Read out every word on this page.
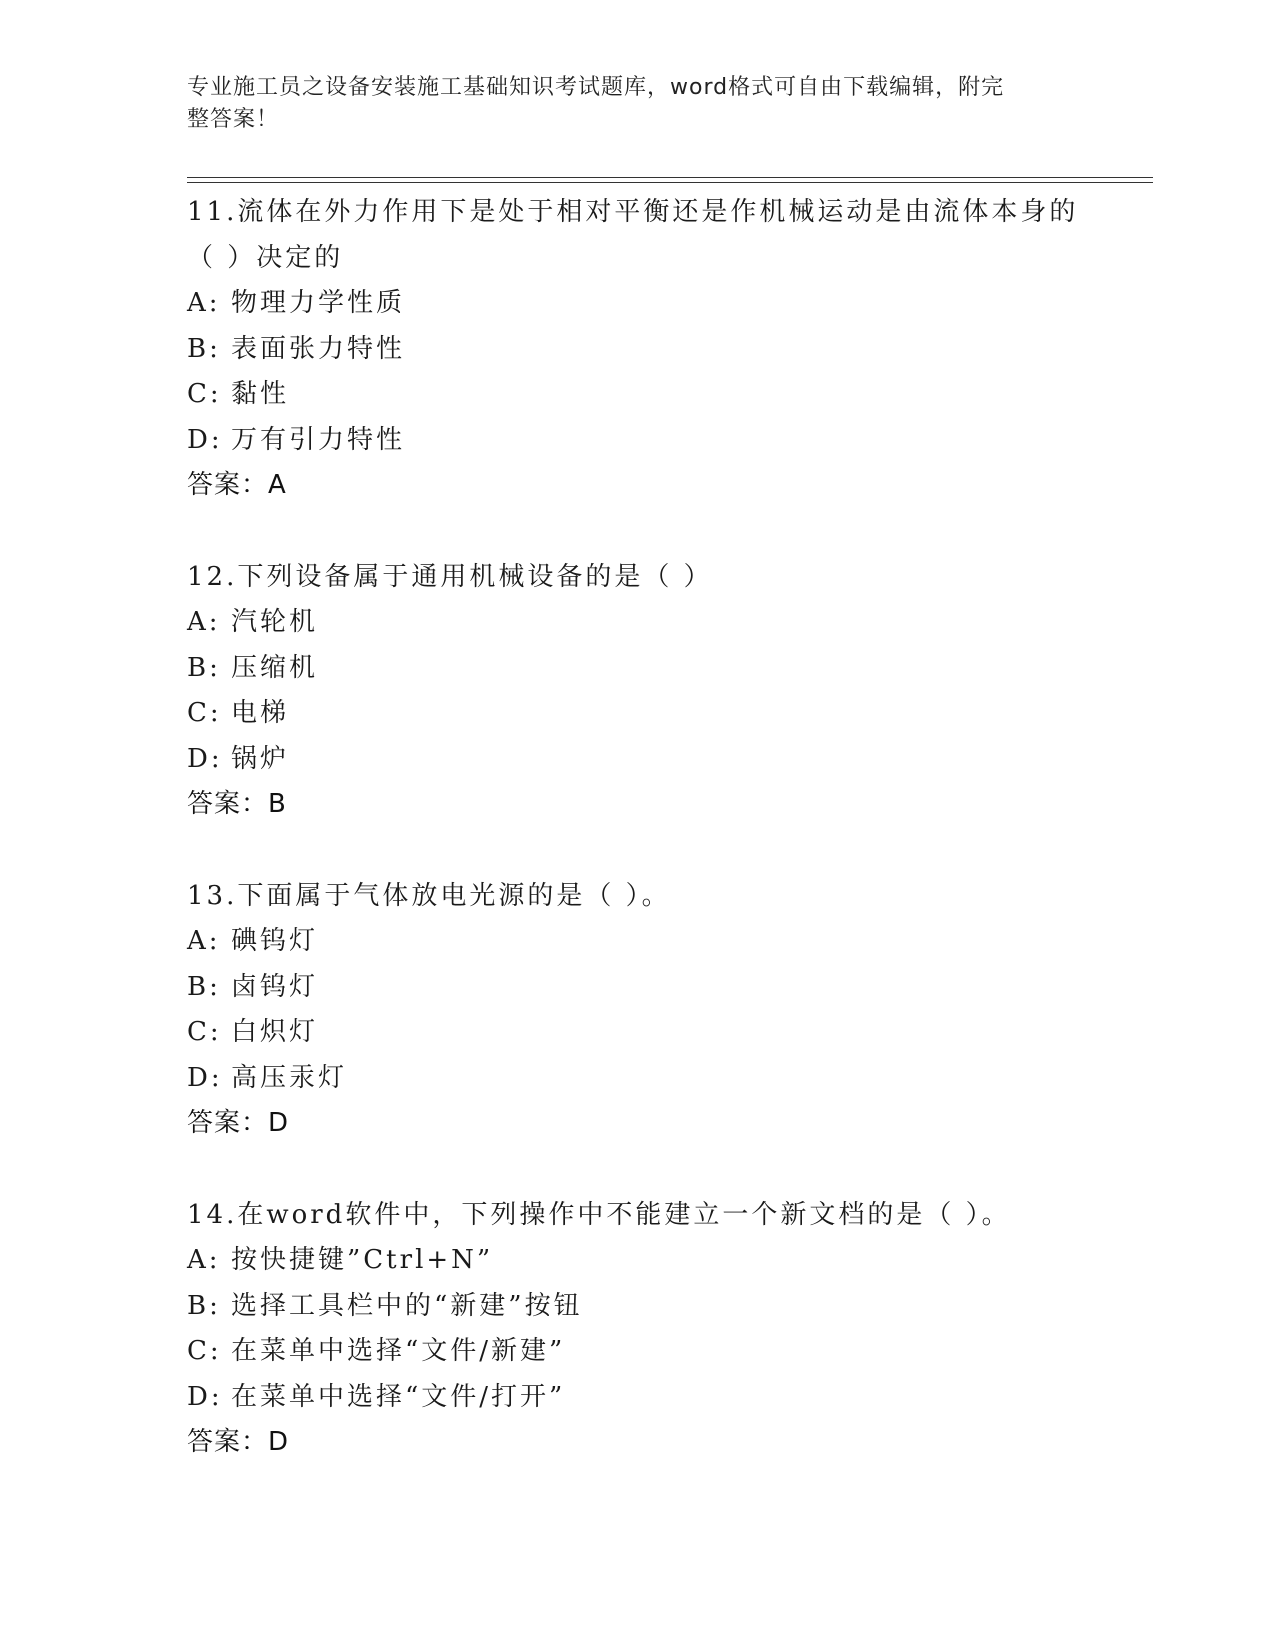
专业施工员之设备安装施工基础知识考试题库，word格式可自由下载编辑，附完
整答案！
11.流体在外力作用下是处于相对平衡还是作机械运动是由流体本身的
（ ）决定的
A: 物理力学性质
B: 表面张力特性
C: 黏性
D: 万有引力特性
答案：A
12.下列设备属于通用机械设备的是（ ）
A: 汽轮机
B: 压缩机
C: 电梯
D: 锅炉
答案：B
13.下面属于气体放电光源的是（ ）。
A: 碘钨灯
B: 卤钨灯
C: 白炽灯
D: 高压汞灯
答案：D
14.在word软件中，下列操作中不能建立一个新文档的是（ ）。
A: 按快捷键”Ctrl+N”
B: 选择工具栏中的“新建”按钮
C: 在菜单中选择“文件/新建”
D: 在菜单中选择“文件/打开”
答案：D
